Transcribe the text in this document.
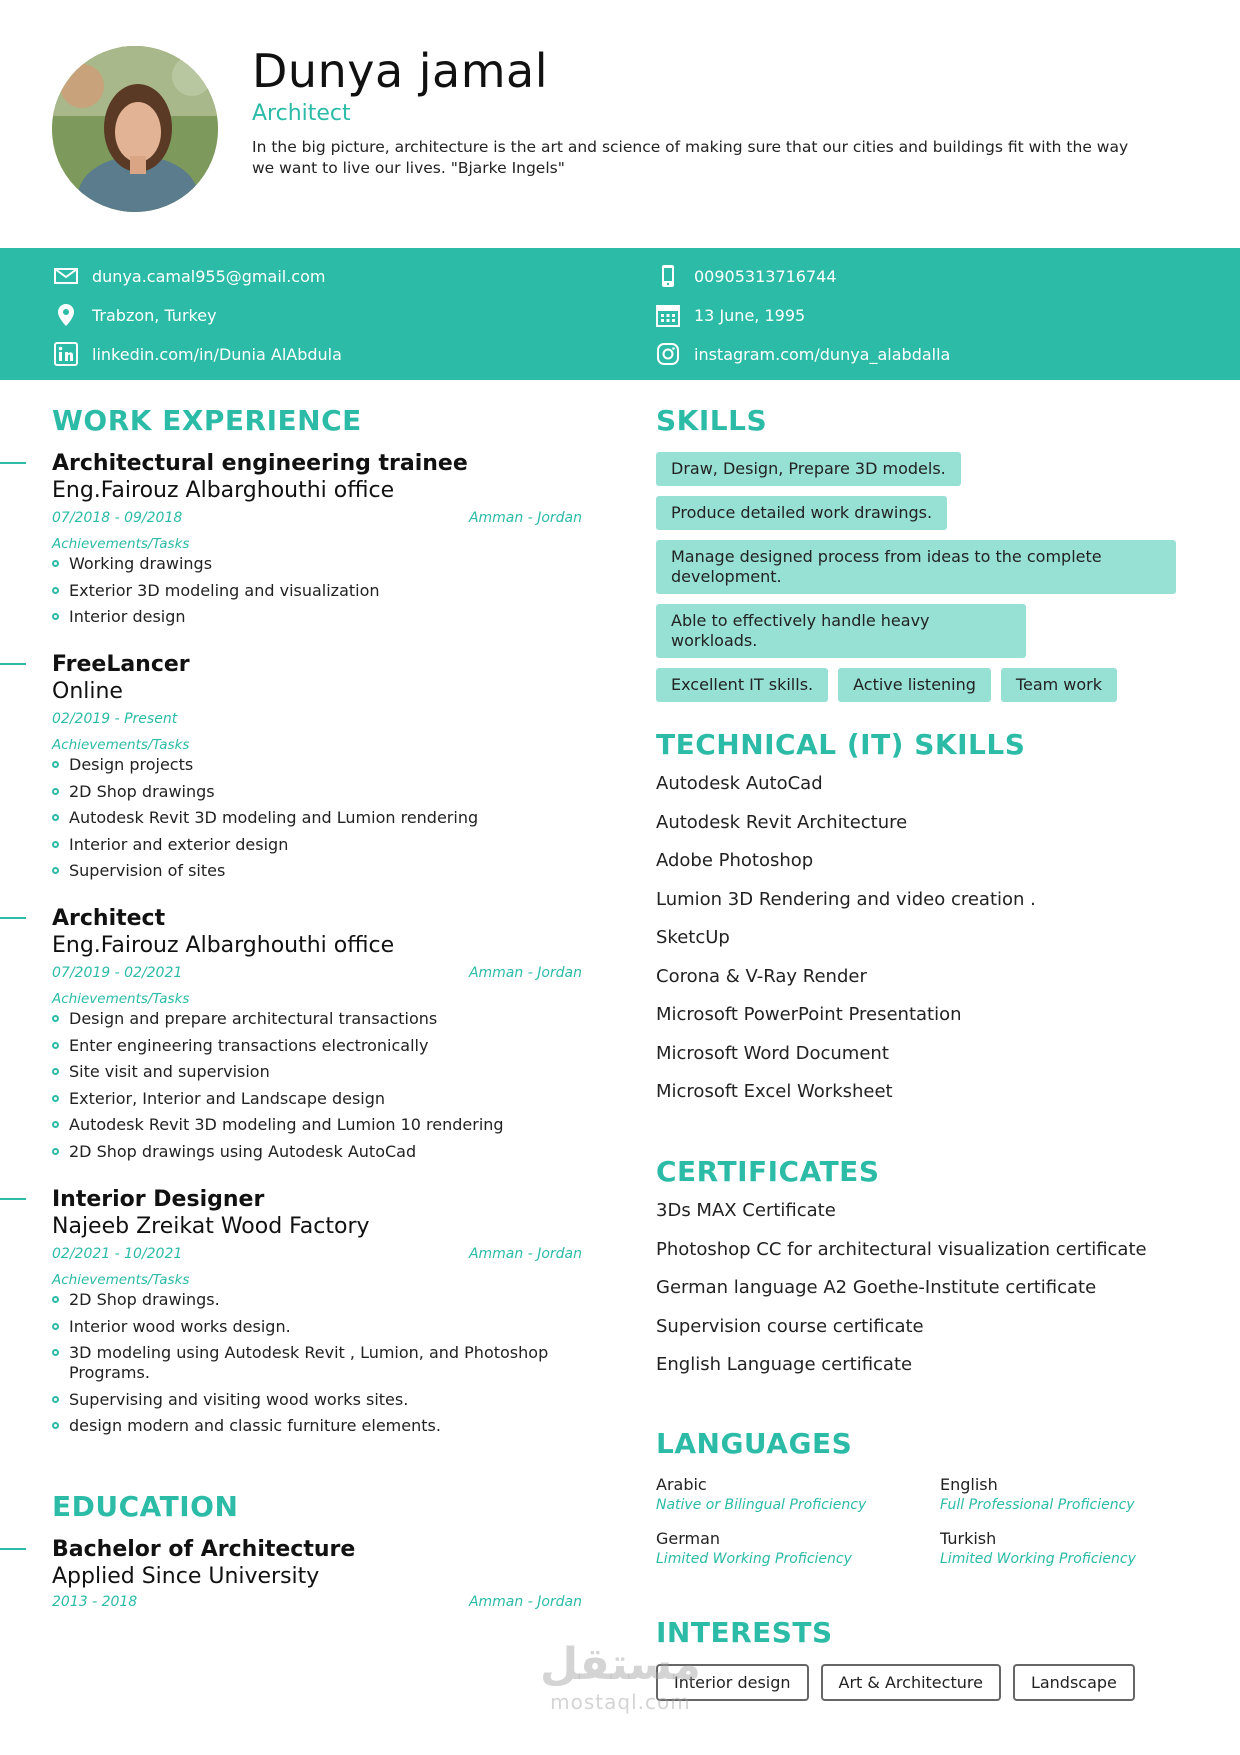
Dunya jamal
Architect
In the big picture, architecture is the art and science of making sure that our cities and buildings fit with the way we want to live our lives. "Bjarke Ingels"
dunya.camal955@gmail.com
Trabzon, Turkey
linkedin.com/in/Dunia AlAbdula
00905313716744
13 June, 1995
instagram.com/dunya_alabdalla
WORK EXPERIENCE
Architectural engineering trainee
Eng.Fairouz Albarghouthi office
07/2018 - 09/2018	Amman - Jordan
Achievements/Tasks
Working drawings
Exterior 3D modeling and visualization
Interior design
FreeLancer
Online
02/2019 - Present
Achievements/Tasks
Design projects
2D Shop drawings
Autodesk Revit 3D modeling and Lumion rendering
Interior and exterior design
Supervision of sites
Architect
Eng.Fairouz Albarghouthi office
07/2019 - 02/2021	Amman - Jordan
Achievements/Tasks
Design and prepare architectural transactions
Enter engineering transactions electronically
Site visit and supervision
Exterior, Interior and Landscape design
Autodesk Revit 3D modeling and Lumion 10 rendering
2D Shop drawings using Autodesk AutoCad
Interior Designer
Najeeb Zreikat Wood Factory
02/2021 - 10/2021	Amman - Jordan
Achievements/Tasks
2D Shop drawings.
Interior wood works design.
3D modeling using Autodesk Revit , Lumion, and Photoshop Programs.
Supervising and visiting wood works sites.
design modern and classic furniture elements.
EDUCATION
Bachelor of Architecture
Applied Since University
2013 - 2018	Amman - Jordan
SKILLS
Draw, Design, Prepare 3D models.
Produce detailed work drawings.
Manage designed process from ideas to the complete development.
Able to effectively handle heavy workloads.
Excellent IT skills.	Active listening	Team work
TECHNICAL (IT) SKILLS
Autodesk AutoCad
Autodesk Revit Architecture
Adobe Photoshop
Lumion 3D Rendering and video creation .
SketcUp
Corona & V-Ray Render
Microsoft PowerPoint Presentation
Microsoft Word Document
Microsoft Excel Worksheet
CERTIFICATES
3Ds MAX Certificate
Photoshop CC for architectural visualization certificate
German language A2 Goethe-Institute certificate
Supervision course certificate
English Language certificate
LANGUAGES
Arabic
Native or Bilingual Proficiency
English
Full Professional Proficiency
German
Limited Working Proficiency
Turkish
Limited Working Proficiency
INTERESTS
Interior design	Art & Architecture	Landscape
مستقل
mostaql.com
